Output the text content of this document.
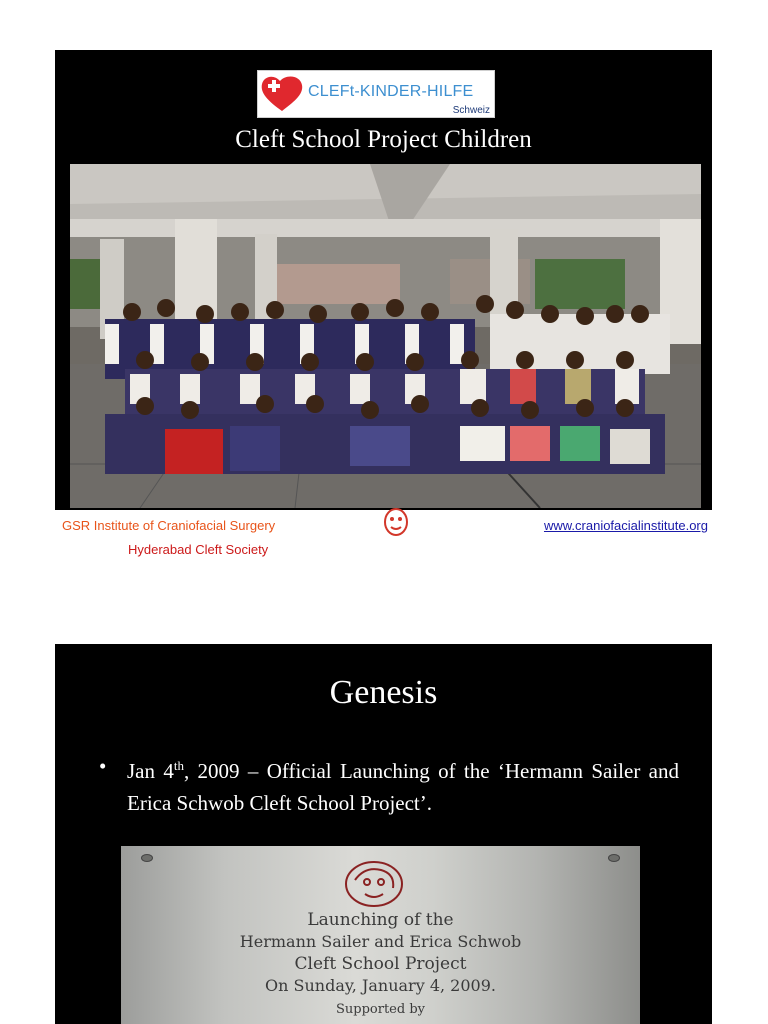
CLEFt-KINDER-HILFE
Schweiz
Cleft School Project Children
GSR Institute of Craniofacial Surgery
Hyderabad Cleft Society
www.craniofacialinstitute.org
Genesis
• Jan 4th, 2009 – Official Launching of the ‘Hermann Sailer and Erica Schwob Cleft School Project’.
Launching of the
Hermann Sailer and Erica Schwob
Cleft School Project
On Sunday, January 4, 2009.
Supported by
